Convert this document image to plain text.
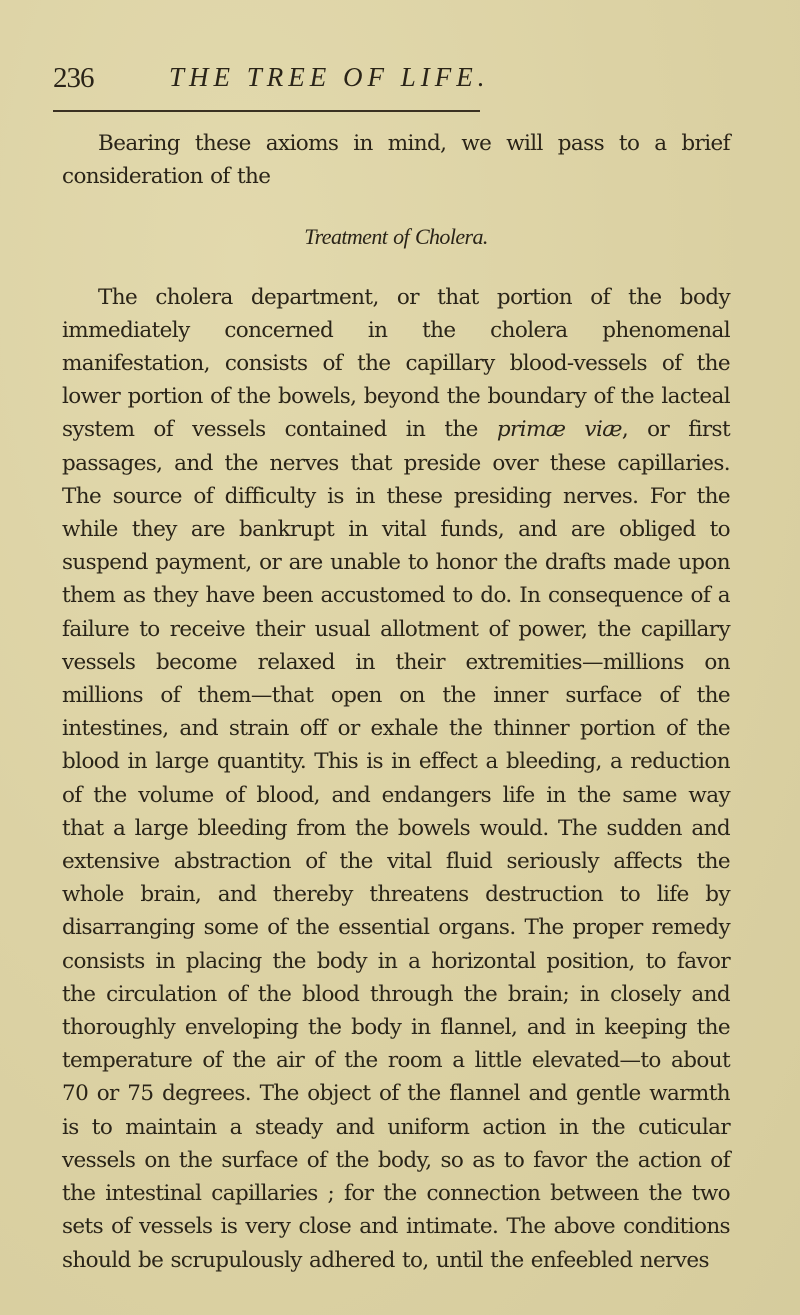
236	THE TREE OF LIFE.

Bearing these axioms in mind, we will pass to a brief consideration of the

Treatment of Cholera.

The cholera department, or that portion of the body immediately concerned in the cholera phenomenal manifestation, consists of the capillary blood-vessels of the lower portion of the bowels, beyond the boundary of the lacteal system of vessels contained in the primæ viæ, or first passages, and the nerves that preside over these capillaries. The source of difficulty is in these presiding nerves. For the while they are bankrupt in vital funds, and are obliged to suspend payment, or are unable to honor the drafts made upon them as they have been accustomed to do. In consequence of a failure to receive their usual allotment of power, the capillary vessels become relaxed in their extremities—millions on millions of them—that open on the inner surface of the intestines, and strain off or exhale the thinner portion of the blood in large quantity. This is in effect a bleeding, a reduction of the volume of blood, and endangers life in the same way that a large bleeding from the bowels would. The sudden and extensive abstraction of the vital fluid seriously affects the whole brain, and thereby threatens destruction to life by disarranging some of the essential organs. The proper remedy consists in placing the body in a horizontal position, to favor the circulation of the blood through the brain; in closely and thoroughly enveloping the body in flannel, and in keeping the temperature of the air of the room a little elevated—to about 70 or 75 degrees. The object of the flannel and gentle warmth is to maintain a steady and uniform action in the cuticular vessels on the surface of the body, so as to favor the action of the intestinal capillaries ; for the connection between the two sets of vessels is very close and intimate. The above conditions should be scrupulously adhered to, until the enfeebled nerves
